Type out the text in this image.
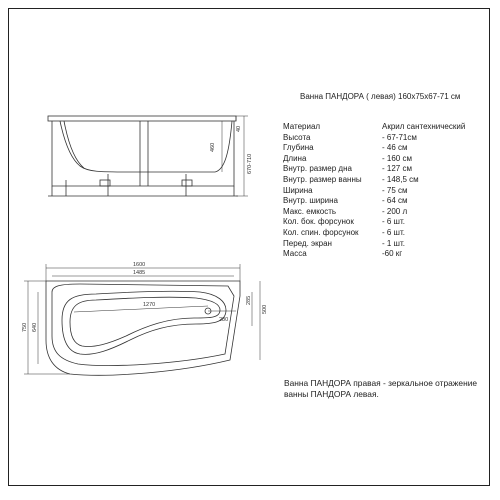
460
40
670-710
1600
1485
1270
280
285
500
750 640
Ванна ПАНДОРА ( левая) 160х75х67-71 см
Материал	Акрил сантехнический
Высота	- 67-71см
Глубина	- 46 см
Длина	- 160 см
Внутр. размер дна	- 127 см
Внутр. размер ванны	- 148,5 см
Ширина	- 75 см
Внутр. ширина	- 64 см
Макс. емкость	- 200 л
Кол. бок. форсунок	- 6 шт.
Кол. спин. форсунок	- 6 шт.
Перед. экран	- 1 шт.
Масса	-60 кг
Ванна ПАНДОРА правая - зеркальное отражение ванны ПАНДОРА левая.
